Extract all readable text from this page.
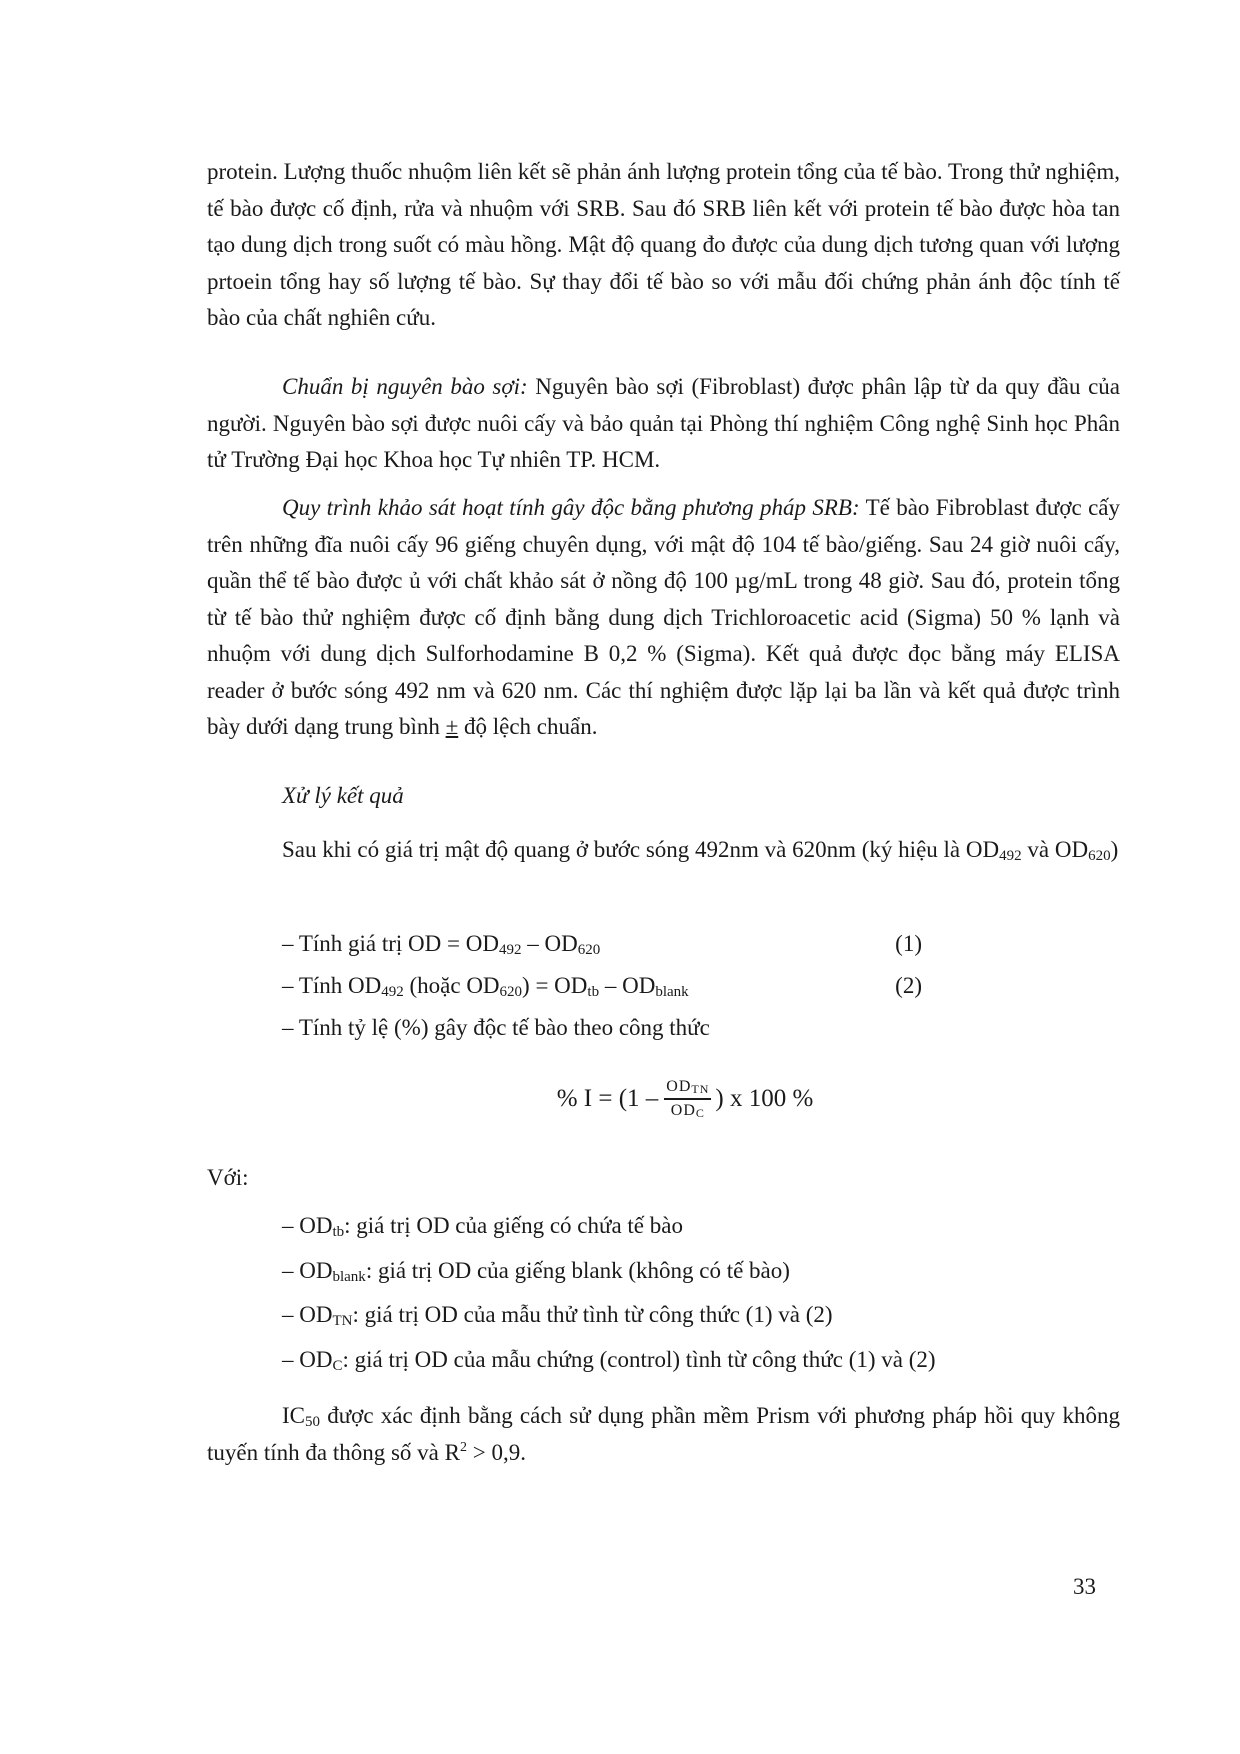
protein. Lượng thuốc nhuộm liên kết sẽ phản ánh lượng protein tổng của tế bào. Trong thử nghiệm, tế bào được cố định, rửa và nhuộm với SRB. Sau đó SRB liên kết với protein tế bào được hòa tan tạo dung dịch trong suốt có màu hồng. Mật độ quang đo được của dung dịch tương quan với lượng prtoein tổng hay số lượng tế bào. Sự thay đổi tế bào so với mẫu đối chứng phản ánh độc tính tế bào của chất nghiên cứu.

Chuẩn bị nguyên bào sợi: Nguyên bào sợi (Fibroblast) được phân lập từ da quy đầu của người. Nguyên bào sợi được nuôi cấy và bảo quản tại Phòng thí nghiệm Công nghệ Sinh học Phân tử Trường Đại học Khoa học Tự nhiên TP. HCM.

Quy trình khảo sát hoạt tính gây độc bằng phương pháp SRB: Tế bào Fibroblast được cấy trên những đĩa nuôi cấy 96 giếng chuyên dụng, với mật độ 104 tế bào/giếng. Sau 24 giờ nuôi cấy, quần thể tế bào được ủ với chất khảo sát ở nồng độ 100 µg/mL trong 48 giờ. Sau đó, protein tổng từ tế bào thử nghiệm được cố định bằng dung dịch Trichloroacetic acid (Sigma) 50 % lạnh và nhuộm với dung dịch Sulforhodamine B 0,2 % (Sigma). Kết quả được đọc bằng máy ELISA reader ở bước sóng 492 nm và 620 nm. Các thí nghiệm được lặp lại ba lần và kết quả được trình bày dưới dạng trung bình ± độ lệch chuẩn.

Xử lý kết quả

Sau khi có giá trị mật độ quang ở bước sóng 492nm và 620nm (ký hiệu là $OD_{492}$ và $OD_{620}$)

– Tính giá trị OD = $OD_{492} - OD_{620}$	(1)
– Tính $OD_{492}$ (hoặc $OD_{620}) = OD_{tb} - OD_{blank}$	(2)
– Tính tỷ lệ (%) gây độc tế bào theo công thức
% $I = (1 - \frac{OD_{TN}}{OD_C}$ ) x 100 %
Với:
– $OD_{tb}$: giá trị OD của giếng có chứa tế bào
– $OD_{blank}$: giá trị OD của giếng blank (không có tế bào)
– $OD_{TN}$: giá trị OD của mẫu thử tình từ công thức (1) và (2)
– $OD_C$: giá trị OD của mẫu chứng (control) tình từ công thức (1) và (2)

$IC_{50}$ được xác định bằng cách sử dụng phần mềm Prism với phương pháp hồi quy không tuyến tính đa thông số và $R^2 > 0,9$.

33
